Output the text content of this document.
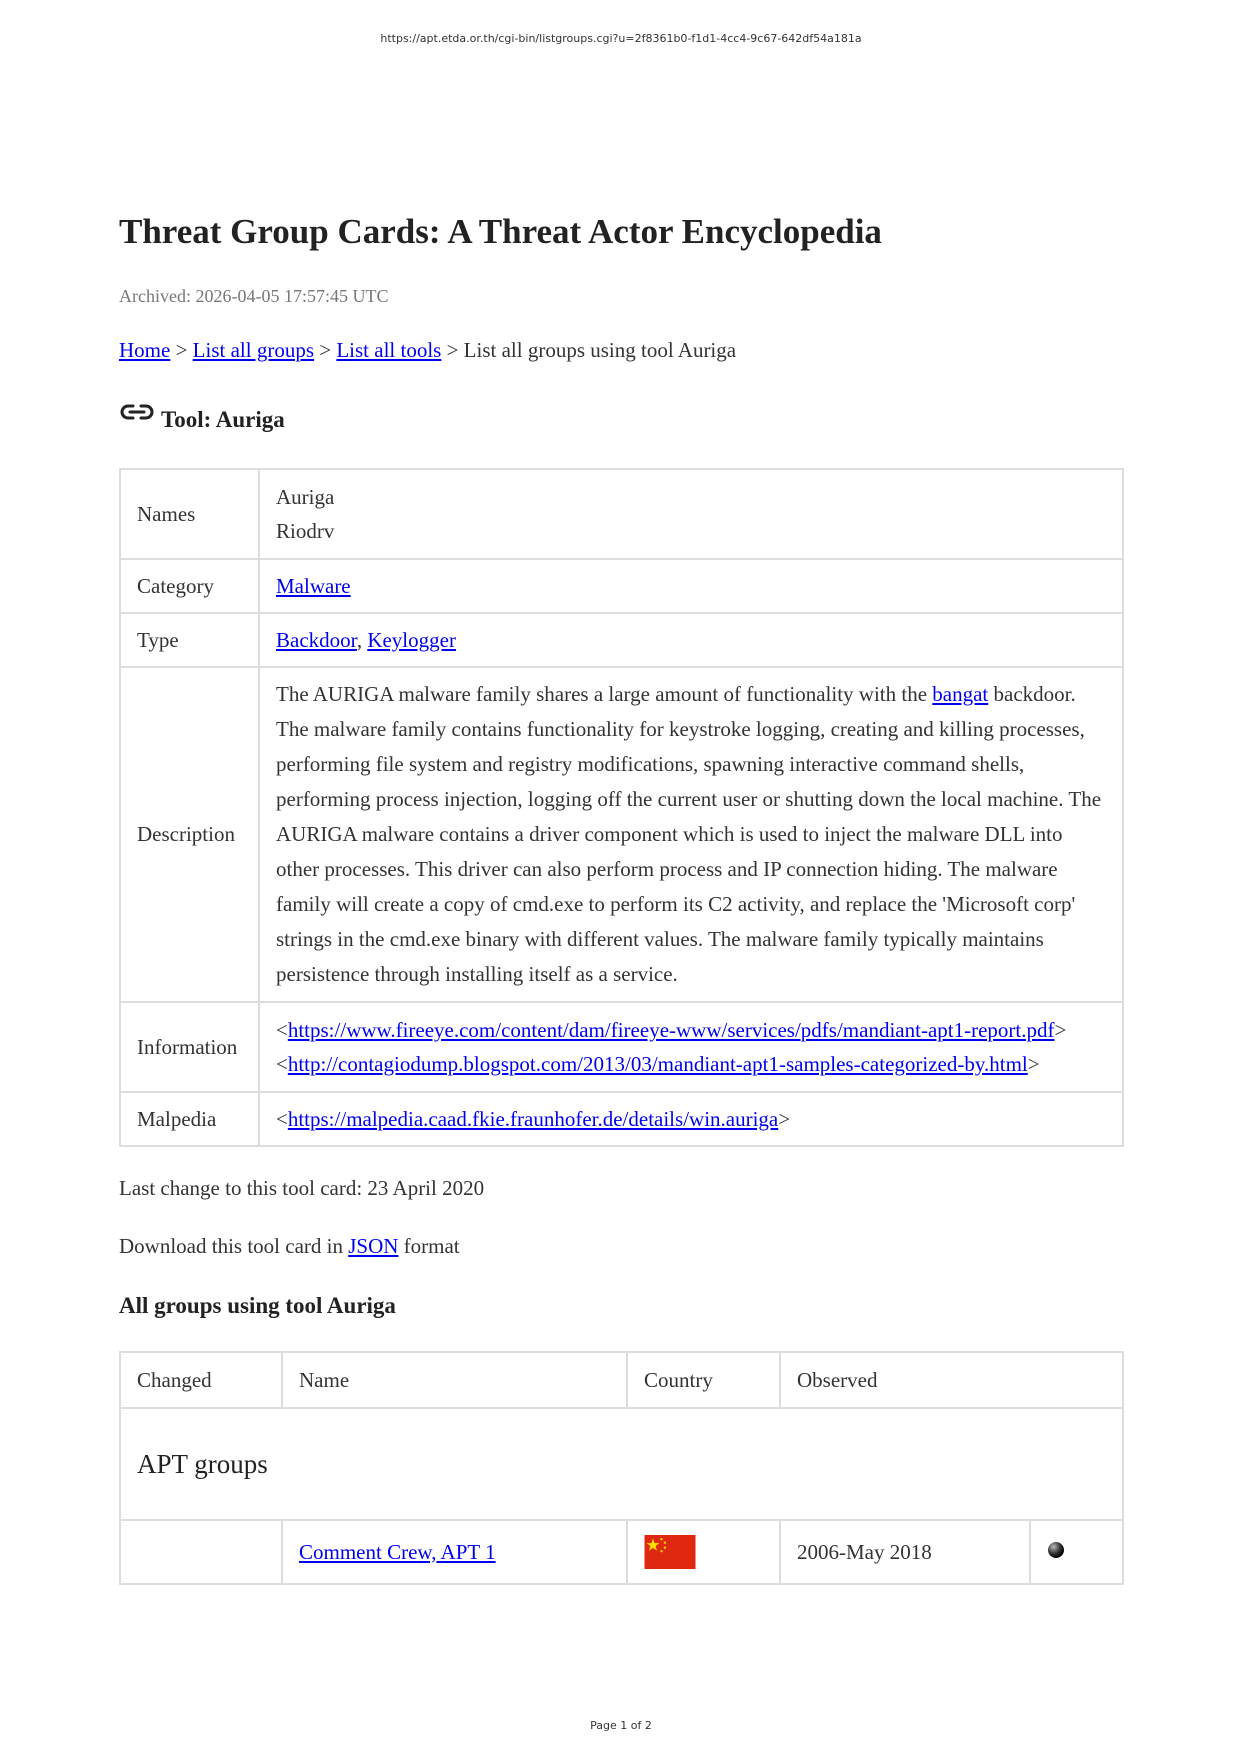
https://apt.etda.or.th/cgi-bin/listgroups.cgi?u=2f8361b0-f1d1-4cc4-9c67-642df54a181a
Threat Group Cards: A Threat Actor Encyclopedia
Archived: 2026-04-05 17:57:45 UTC
Home > List all groups > List all tools > List all groups using tool Auriga
Tool: Auriga
Names	Auriga
Riodrv

Category	Malware
Type	Backdoor, Keylogger
Description	The AURIGA malware family shares a large amount of functionality with the bangat backdoor. The malware family contains functionality for keystroke logging, creating and killing processes, performing file system and registry modifications, spawning interactive command shells, performing process injection, logging off the current user or shutting down the local machine. The AURIGA malware contains a driver component which is used to inject the malware DLL into other processes. This driver can also perform process and IP connection hiding. The malware family will create a copy of cmd.exe to perform its C2 activity, and replace the 'Microsoft corp' strings in the cmd.exe binary with different values. The malware family typically maintains persistence through installing itself as a service.

Information	<https://www.fireeye.com/content/dam/fireeye-www/services/pdfs/mandiant-apt1-report.pdf>
<http://contagiodump.blogspot.com/2013/03/mandiant-apt1-samples-categorized-by.html>

Malpedia	<https://malpedia.caad.fkie.fraunhofer.de/details/win.auriga>
Last change to this tool card: 23 April 2020
Download this tool card in JSON format
All groups using tool Auriga
Changed	Name	Country	Observed	
APT groups				
	Comment Crew, APT 1		2006-May 2018	
Page 1 of 2
